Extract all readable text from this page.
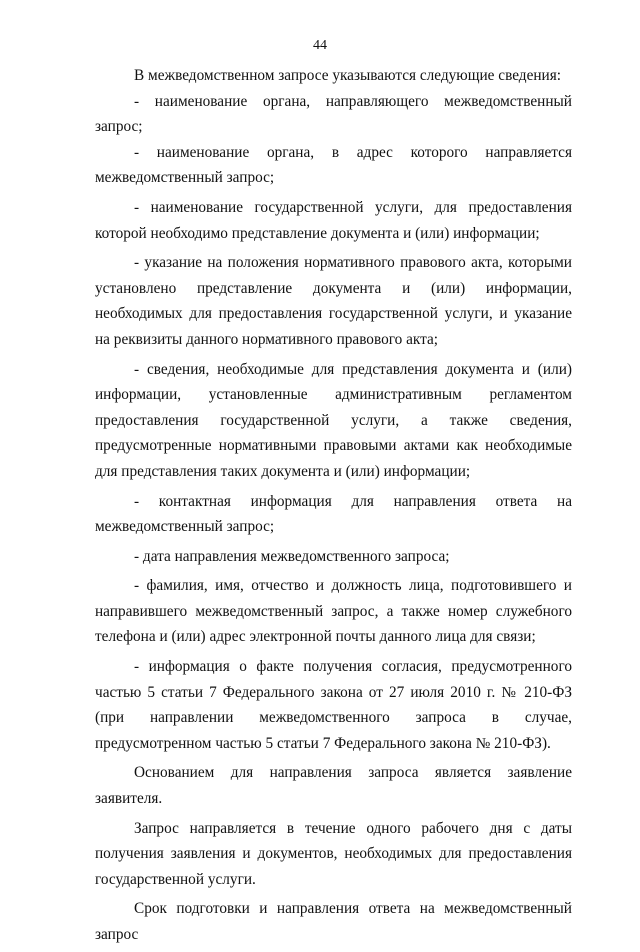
44

В межведомственном запросе указываются следующие сведения:

- наименование органа, направляющего межведомственный запрос;

- наименование органа, в адрес которого направляется межведомственный запрос;

- наименование государственной услуги, для предоставления которой необходимо представление документа и (или) информации;

- указание на положения нормативного правового акта, которыми установлено представление документа и (или) информации, необходимых для предоставления государственной услуги, и указание на реквизиты данного нормативного правового акта;

- сведения, необходимые для представления документа и (или) информации, установленные административным регламентом предоставления государственной услуги, а также сведения, предусмотренные нормативными правовыми актами как необходимые для представления таких документа и (или) информации;

- контактная информация для направления ответа на межведомственный запрос;

- дата направления межведомственного запроса;

- фамилия, имя, отчество и должность лица, подготовившего и направившего межведомственный запрос, а также номер служебного телефона и (или) адрес электронной почты данного лица для связи;

- информация о факте получения согласия, предусмотренного частью 5 статьи 7 Федерального закона от 27 июля 2010 г. № 210-ФЗ (при направлении межведомственного запроса в случае, предусмотренном частью 5 статьи 7 Федерального закона № 210-ФЗ).

Основанием для направления запроса является заявление заявителя.

Запрос направляется в течение одного рабочего дня с даты получения заявления и документов, необходимых для предоставления государственной услуги.

Срок подготовки и направления ответа на межведомственный запрос
